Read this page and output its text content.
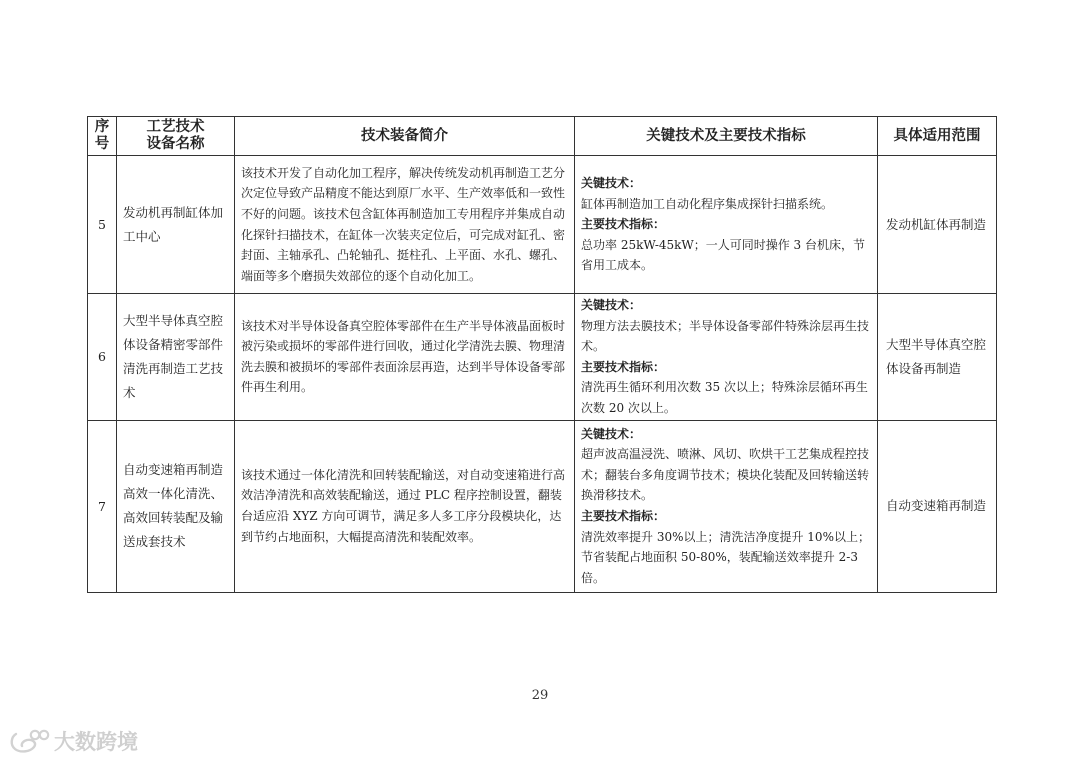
序
号	工艺技术
设备名称	技术装备简介	关键技术及主要技术指标	具体适用范围
5	发动机再制缸体加工中心	该技术开发了自动化加工程序，解决传统发动机再制造工艺分次定位导致产品精度不能达到原厂水平、生产效率低和一致性不好的问题。该技术包含缸体再制造加工专用程序并集成自动化探针扫描技术，在缸体一次装夹定位后，可完成对缸孔、密封面、主轴承孔、凸轮轴孔、挺柱孔、上平面、水孔、螺孔、端面等多个磨损失效部位的逐个自动化加工。	关键技术：
缸体再制造加工自动化程序集成探针扫描系统。
主要技术指标：
总功率 25kW-45kW；一人可同时操作 3 台机床，节省用工成本。	发动机缸体再制造
6	大型半导体真空腔体设备精密零部件清洗再制造工艺技术	该技术对半导体设备真空腔体零部件在生产半导体液晶面板时被污染或损坏的零部件进行回收，通过化学清洗去膜、物理清洗去膜和被损坏的零部件表面涂层再造，达到半导体设备零部件再生利用。	关键技术：
物理方法去膜技术；半导体设备零部件特殊涂层再生技术。
主要技术指标：
清洗再生循环利用次数 35 次以上；特殊涂层循环再生次数 20 次以上。	大型半导体真空腔体设备再制造
7	自动变速箱再制造高效一体化清洗、高效回转装配及输送成套技术	该技术通过一体化清洗和回转装配输送，对自动变速箱进行高效洁净清洗和高效装配输送，通过 PLC 程序控制设置，翻装台适应沿 XYZ 方向可调节，满足多人多工序分段模块化，达到节约占地面积，大幅提高清洗和装配效率。	关键技术：
超声波高温浸洗、喷淋、风切、吹烘干工艺集成程控技术；翻装台多角度调节技术；模块化装配及回转输送转换滑移技术。
主要技术指标：
清洗效率提升 30%以上；清洗洁净度提升 10%以上；节省装配占地面积 50-80%，装配输送效率提升 2-3 倍。	自动变速箱再制造
29
大数跨境
